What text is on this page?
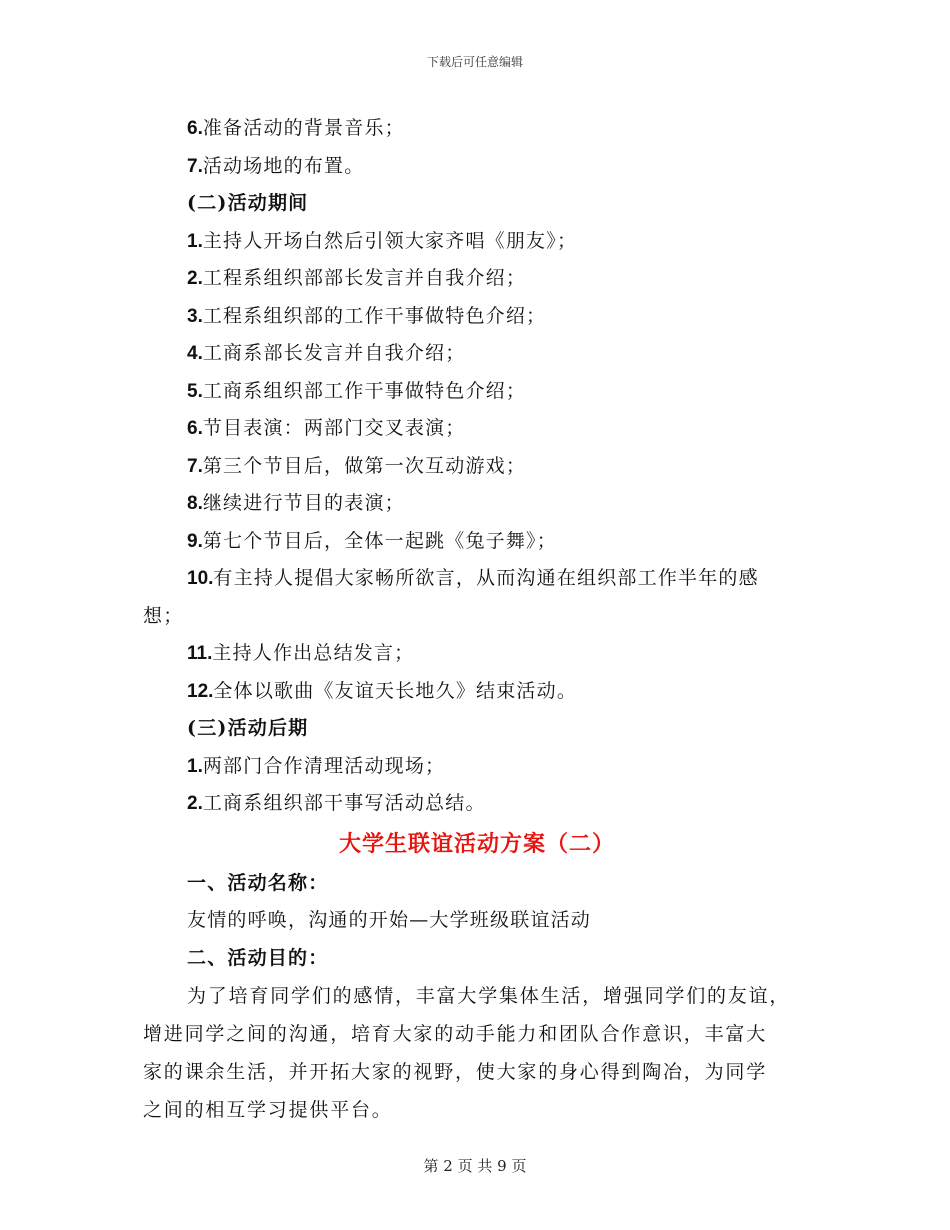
下载后可任意编辑
6.准备活动的背景音乐；
7.活动场地的布置。
(二)活动期间
1.主持人开场白然后引领大家齐唱《朋友》；
2.工程系组织部部长发言并自我介绍；
3.工程系组织部的工作干事做特色介绍；
4.工商系部长发言并自我介绍；
5.工商系组织部工作干事做特色介绍；
6.节目表演：两部门交叉表演；
7.第三个节目后，做第一次互动游戏；
8.继续进行节目的表演；
9.第七个节目后，全体一起跳《兔子舞》；
10.有主持人提倡大家畅所欲言，从而沟通在组织部工作半年的感
想；
11.主持人作出总结发言；
12.全体以歌曲《友谊天长地久》结束活动。
(三)活动后期
1.两部门合作清理活动现场；
2.工商系组织部干事写活动总结。
大学生联谊活动方案（二）
一、活动名称：
友情的呼唤，沟通的开始—大学班级联谊活动
二、活动目的：
为了培育同学们的感情，丰富大学集体生活，增强同学们的友谊，
增进同学之间的沟通，培育大家的动手能力和团队合作意识，丰富大
家的课余生活，并开拓大家的视野，使大家的身心得到陶冶，为同学
之间的相互学习提供平台。
第 2 页 共 9 页
